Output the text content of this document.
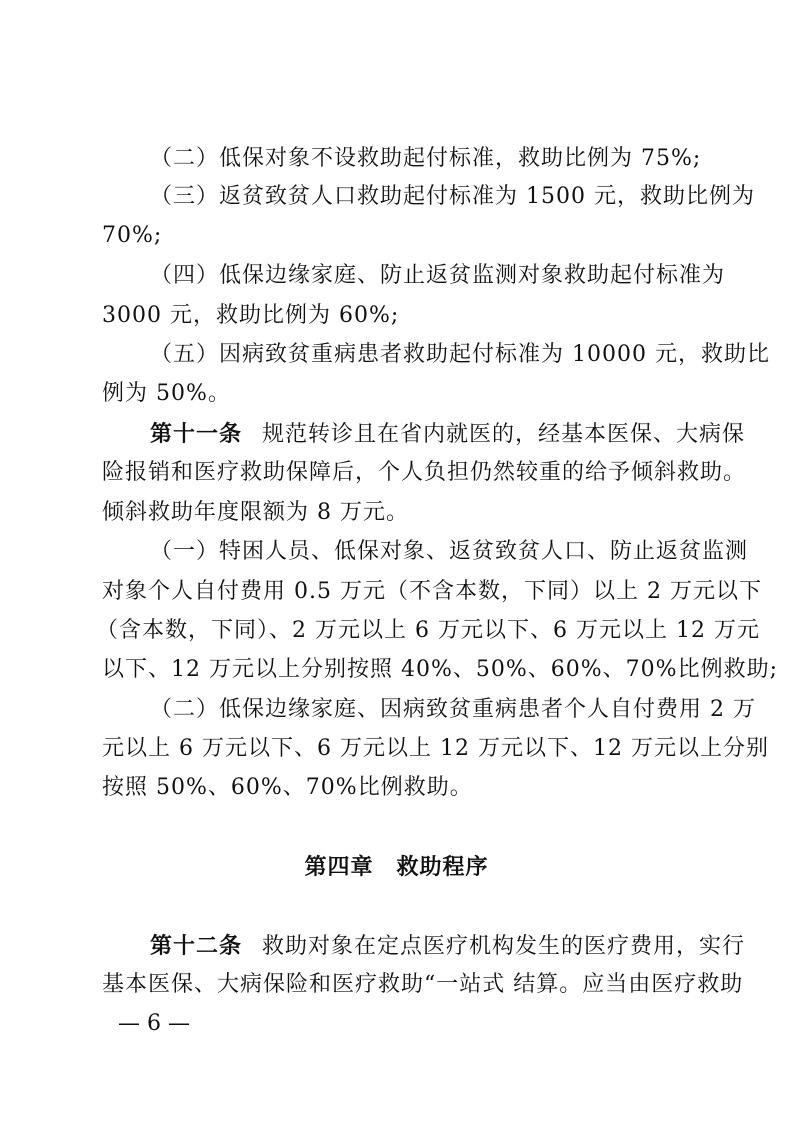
（二）低保对象不设救助起付标准，救助比例为 75%;
（三）返贫致贫人口救助起付标准为 1500 元，救助比例为
70%;
（四）低保边缘家庭、防止返贫监测对象救助起付标准为
3000 元，救助比例为 60%;
（五）因病致贫重病患者救助起付标准为 10000 元，救助比
例为 50%。
第十一条 规范转诊且在省内就医的，经基本医保、大病保
险报销和医疗救助保障后，个人负担仍然较重的给予倾斜救助。
倾斜救助年度限额为 8 万元。
（一）特困人员、低保对象、返贫致贫人口、防止返贫监测
对象个人自付费用 0.5 万元（不含本数，下同）以上 2 万元以下
（含本数，下同）、2 万元以上 6 万元以下、6 万元以上 12 万元
以下、12 万元以上分别按照 40%、50%、60%、70%比例救助;
（二）低保边缘家庭、因病致贫重病患者个人自付费用 2 万
元以上 6 万元以下、6 万元以上 12 万元以下、12 万元以上分别
按照 50%、60%、70%比例救助。
第四章　救助程序
第十二条 救助对象在定点医疗机构发生的医疗费用，实行
基本医保、大病保险和医疗救助“一站式 结算。应当由医疗救助
— 6 —
